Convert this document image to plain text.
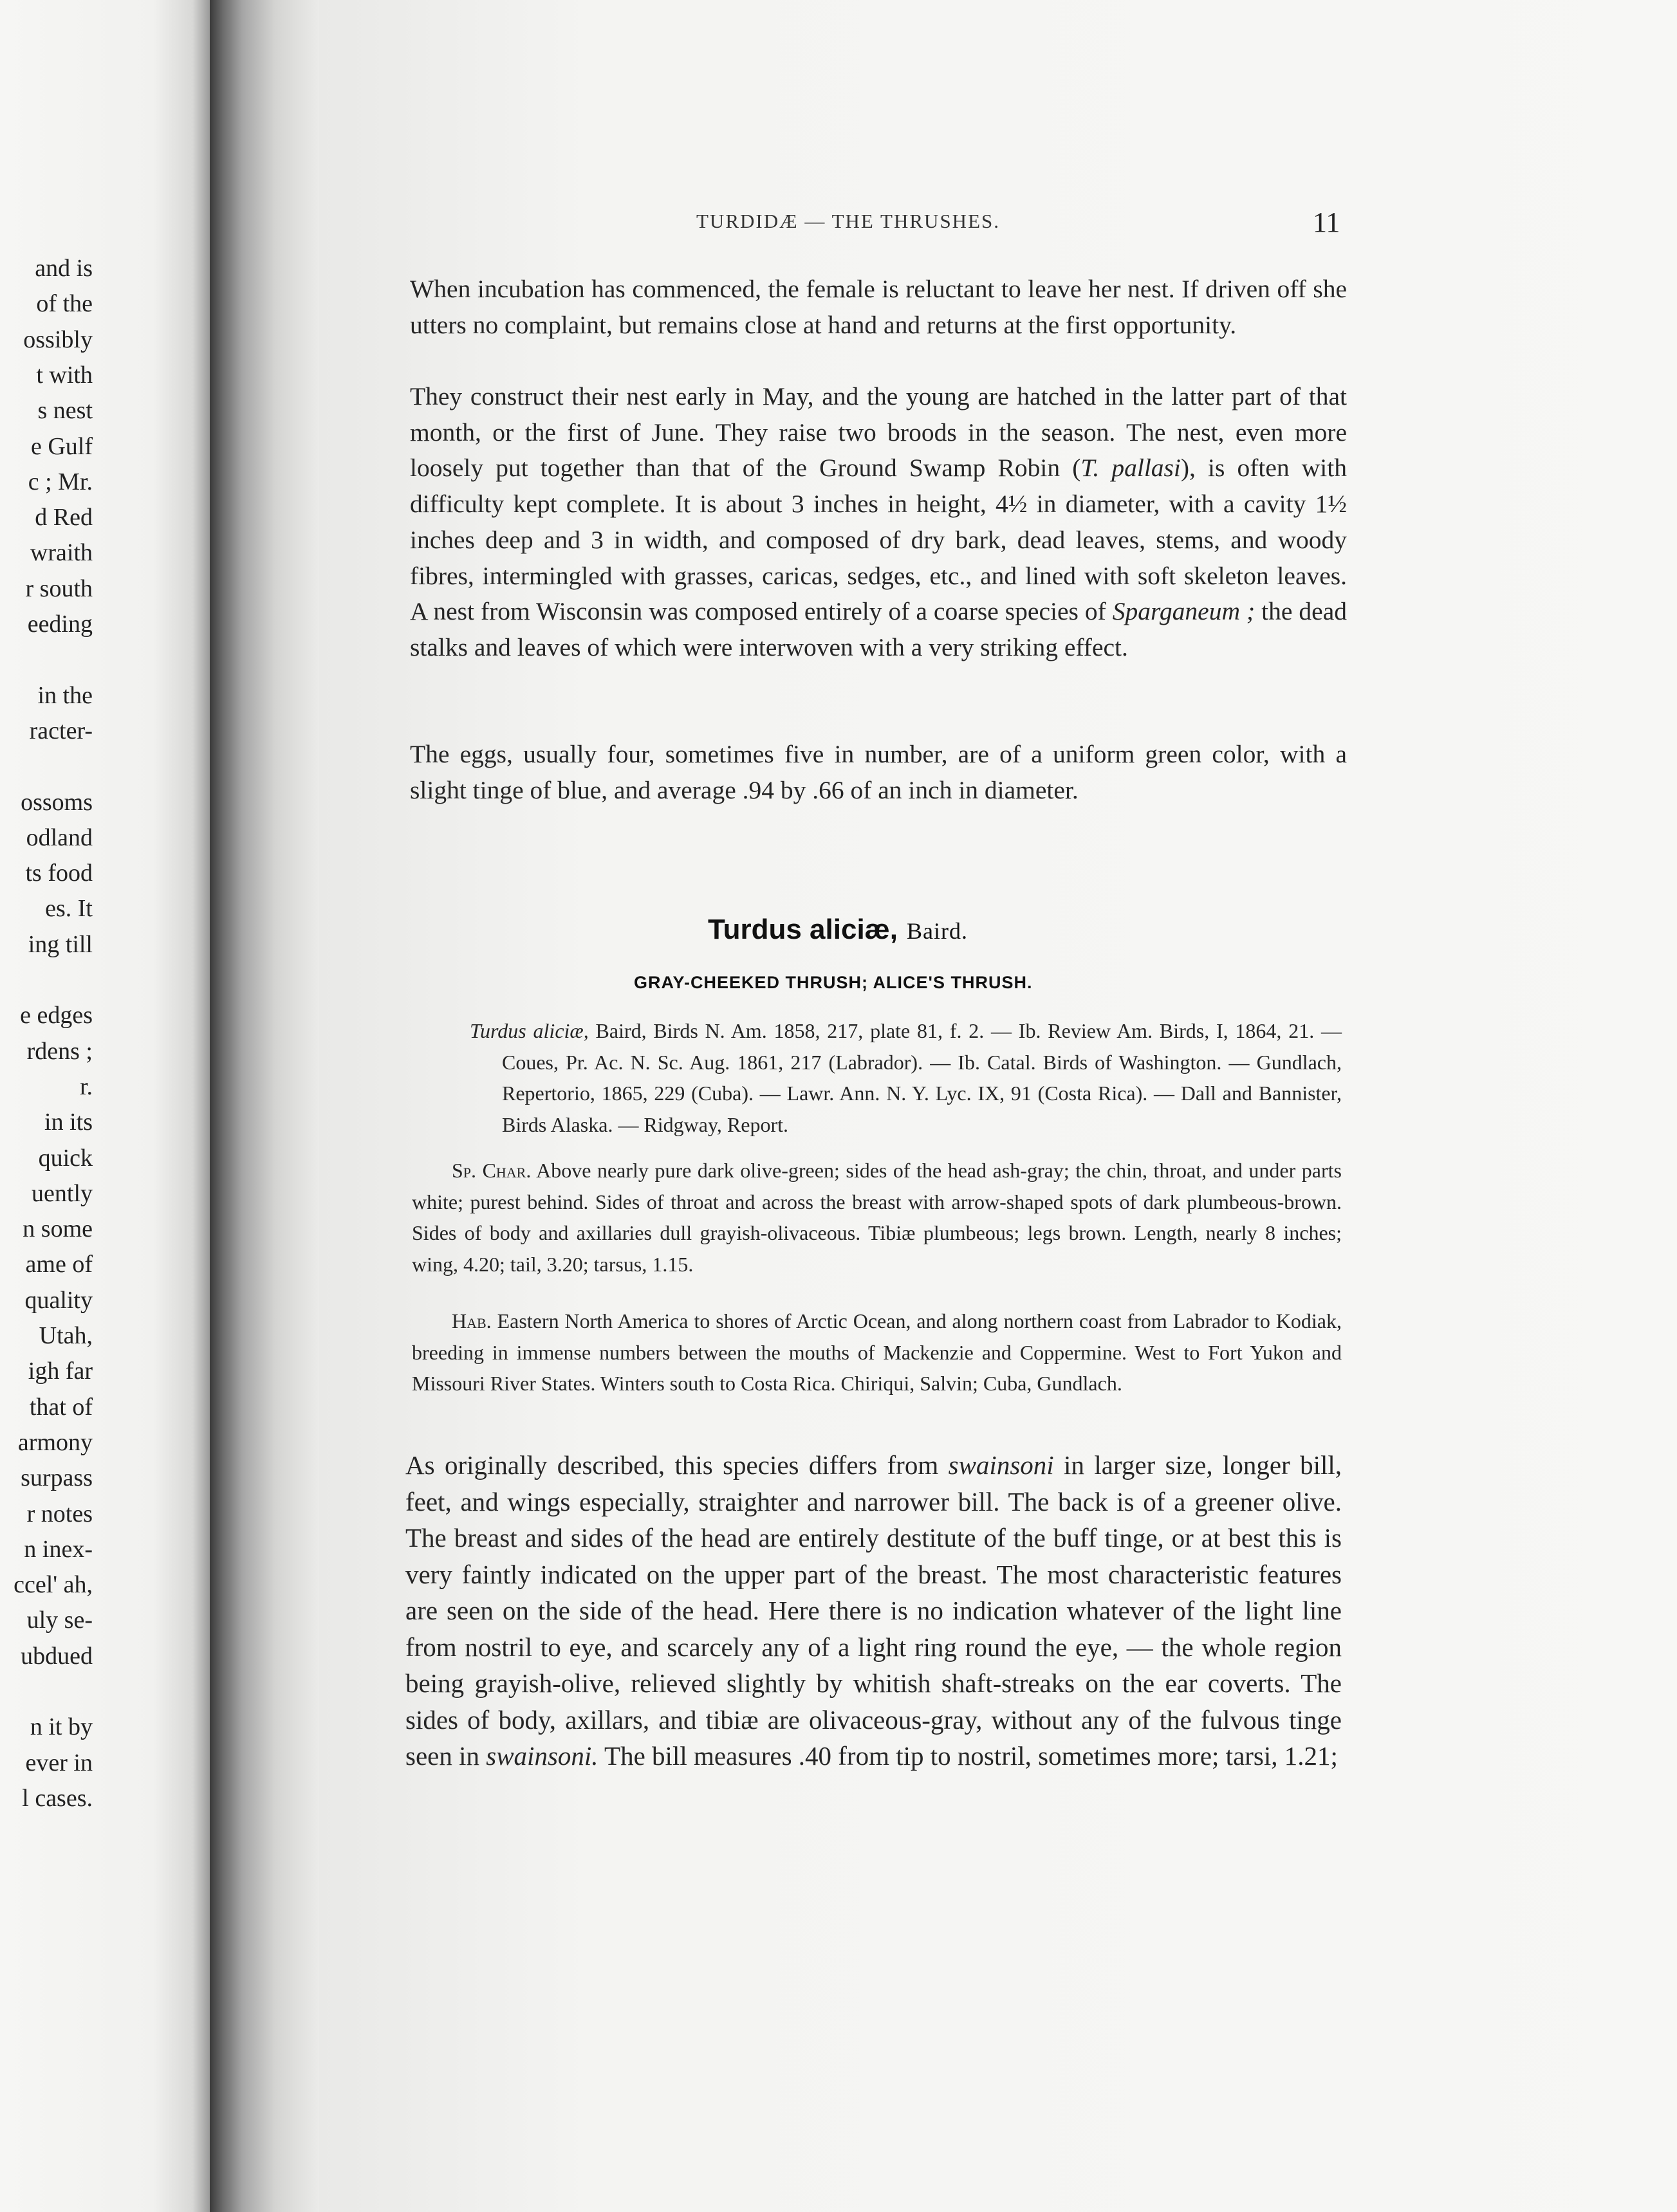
and is
of the
ossibly
t with
s nest
e Gulf
c ; Mr.
d Red
wraith
r south
eeding
in the
racter-
ossoms
odland
ts food
es. It
ing till
e edges
rdens ;
r.
in its
quick
uently
n some
ame of
quality
Utah,
igh far
that of
armony
surpass
r notes
n inex-
ccel' ah,
uly se-
ubdued
n it by
ever in
l cases.
TURDIDÆ — THE THRUSHES.	11

When incubation has commenced, the female is reluctant to leave her nest. If driven off she utters no complaint, but remains close at hand and returns at the first opportunity.

They construct their nest early in May, and the young are hatched in the latter part of that month, or the first of June. They raise two broods in the season. The nest, even more loosely put together than that of the Ground Swamp Robin (T. pallasi), is often with difficulty kept complete. It is about 3 inches in height, 4½ in diameter, with a cavity 1½ inches deep and 3 in width, and composed of dry bark, dead leaves, stems, and woody fibres, intermingled with grasses, caricas, sedges, etc., and lined with soft skeleton leaves. A nest from Wisconsin was composed entirely of a coarse species of Sparganeum ; the dead stalks and leaves of which were interwoven with a very striking effect.

The eggs, usually four, sometimes five in number, are of a uniform green color, with a slight tinge of blue, and average .94 by .66 of an inch in diameter.

Turdus aliciæ, Baird.
GRAY-CHEEKED THRUSH; ALICE'S THRUSH.

Turdus aliciæ, Baird, Birds N. Am. 1858, 217, plate 81, f. 2. — Ib. Review Am. Birds, I, 1864, 21. — Coues, Pr. Ac. N. Sc. Aug. 1861, 217 (Labrador). — Ib. Catal. Birds of Washington. — Gundlach, Repertorio, 1865, 229 (Cuba). — Lawr. Ann. N. Y. Lyc. IX, 91 (Costa Rica). — Dall and Bannister, Birds Alaska. — Ridgway, Report.

Sp. Char. Above nearly pure dark olive-green; sides of the head ash-gray; the chin, throat, and under parts white; purest behind. Sides of throat and across the breast with arrow-shaped spots of dark plumbeous-brown. Sides of body and axillaries dull grayish-olivaceous. Tibiæ plumbeous; legs brown. Length, nearly 8 inches; wing, 4.20; tail, 3.20; tarsus, 1.15.

Hab. Eastern North America to shores of Arctic Ocean, and along northern coast from Labrador to Kodiak, breeding in immense numbers between the mouths of Mackenzie and Coppermine. West to Fort Yukon and Missouri River States. Winters south to Costa Rica. Chiriqui, Salvin; Cuba, Gundlach.

As originally described, this species differs from swainsoni in larger size, longer bill, feet, and wings especially, straighter and narrower bill. The back is of a greener olive. The breast and sides of the head are entirely destitute of the buff tinge, or at best this is very faintly indicated on the upper part of the breast. The most characteristic features are seen on the side of the head. Here there is no indication whatever of the light line from nostril to eye, and scarcely any of a light ring round the eye, — the whole region being grayish-olive, relieved slightly by whitish shaft-streaks on the ear coverts. The sides of body, axillars, and tibiæ are olivaceous-gray, without any of the fulvous tinge seen in swainsoni. The bill measures .40 from tip to nostril, sometimes more; tarsi, 1.21;
